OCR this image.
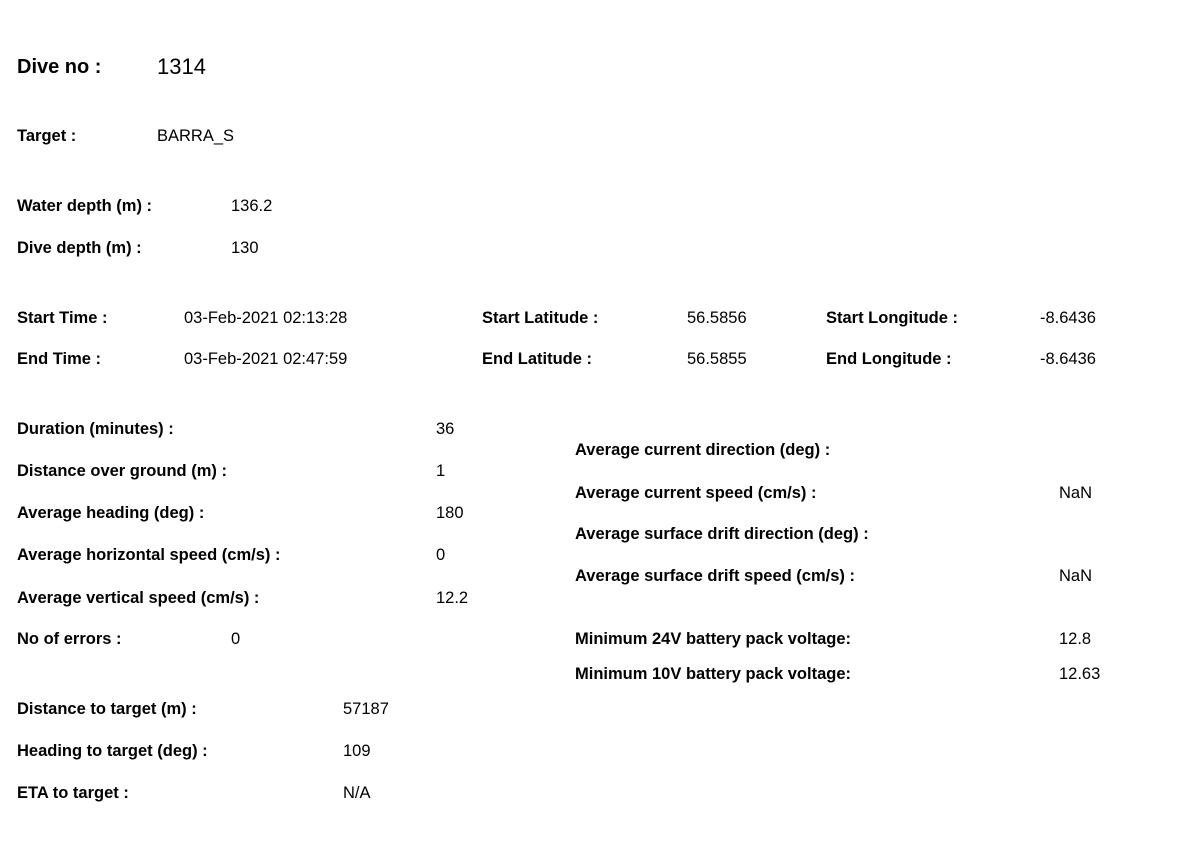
Dive no :	1314
Target :	BARRA_S
Water depth (m) :	136.2
Dive depth (m) :	130
Start Time :	03-Feb-2021 02:13:28
End Time :	03-Feb-2021 02:47:59
Start Latitude :	56.5856
End Latitude :	56.5855
Start Longitude :	-8.6436
End Longitude :	-8.6436
Duration (minutes) :	36
Distance over ground (m) :	1
Average heading (deg) :	180
Average horizontal speed (cm/s) :	0
Average vertical speed (cm/s) :	12.2
No of errors :	0
Average current direction (deg) :
Average current speed (cm/s) :	NaN
Average surface drift direction (deg) :
Average surface drift speed (cm/s) :	NaN
Minimum 24V battery pack voltage:	12.8
Minimum 10V battery pack voltage:	12.63
Distance to target (m) :	57187
Heading to target (deg) :	109
ETA to target :	N/A
